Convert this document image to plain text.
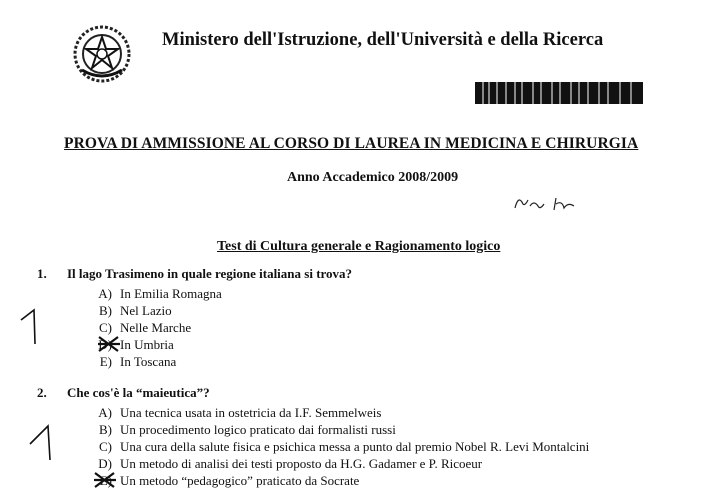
Ministero dell'Istruzione, dell'Università e della Ricerca
PROVA DI AMMISSIONE AL CORSO DI LAUREA IN MEDICINA E CHIRURGIA
Anno Accademico 2008/2009
Test di Cultura generale e Ragionamento logico
1. Il lago Trasimeno in quale regione italiana si trova?
A) In Emilia Romagna
B) Nel Lazio
C) Nelle Marche
D) In Umbria
E) In Toscana
2. Che cos'è la “maieutica”?
A) Una tecnica usata in ostetricia da I.F. Semmelweis
B) Un procedimento logico praticato dai formalisti russi
C) Una cura della salute fisica e psichica messa a punto dal premio Nobel R. Levi Montalcini
D) Un metodo di analisi dei testi proposto da H.G. Gadamer e P. Ricoeur
E) Un metodo “pedagogico” praticato da Socrate
